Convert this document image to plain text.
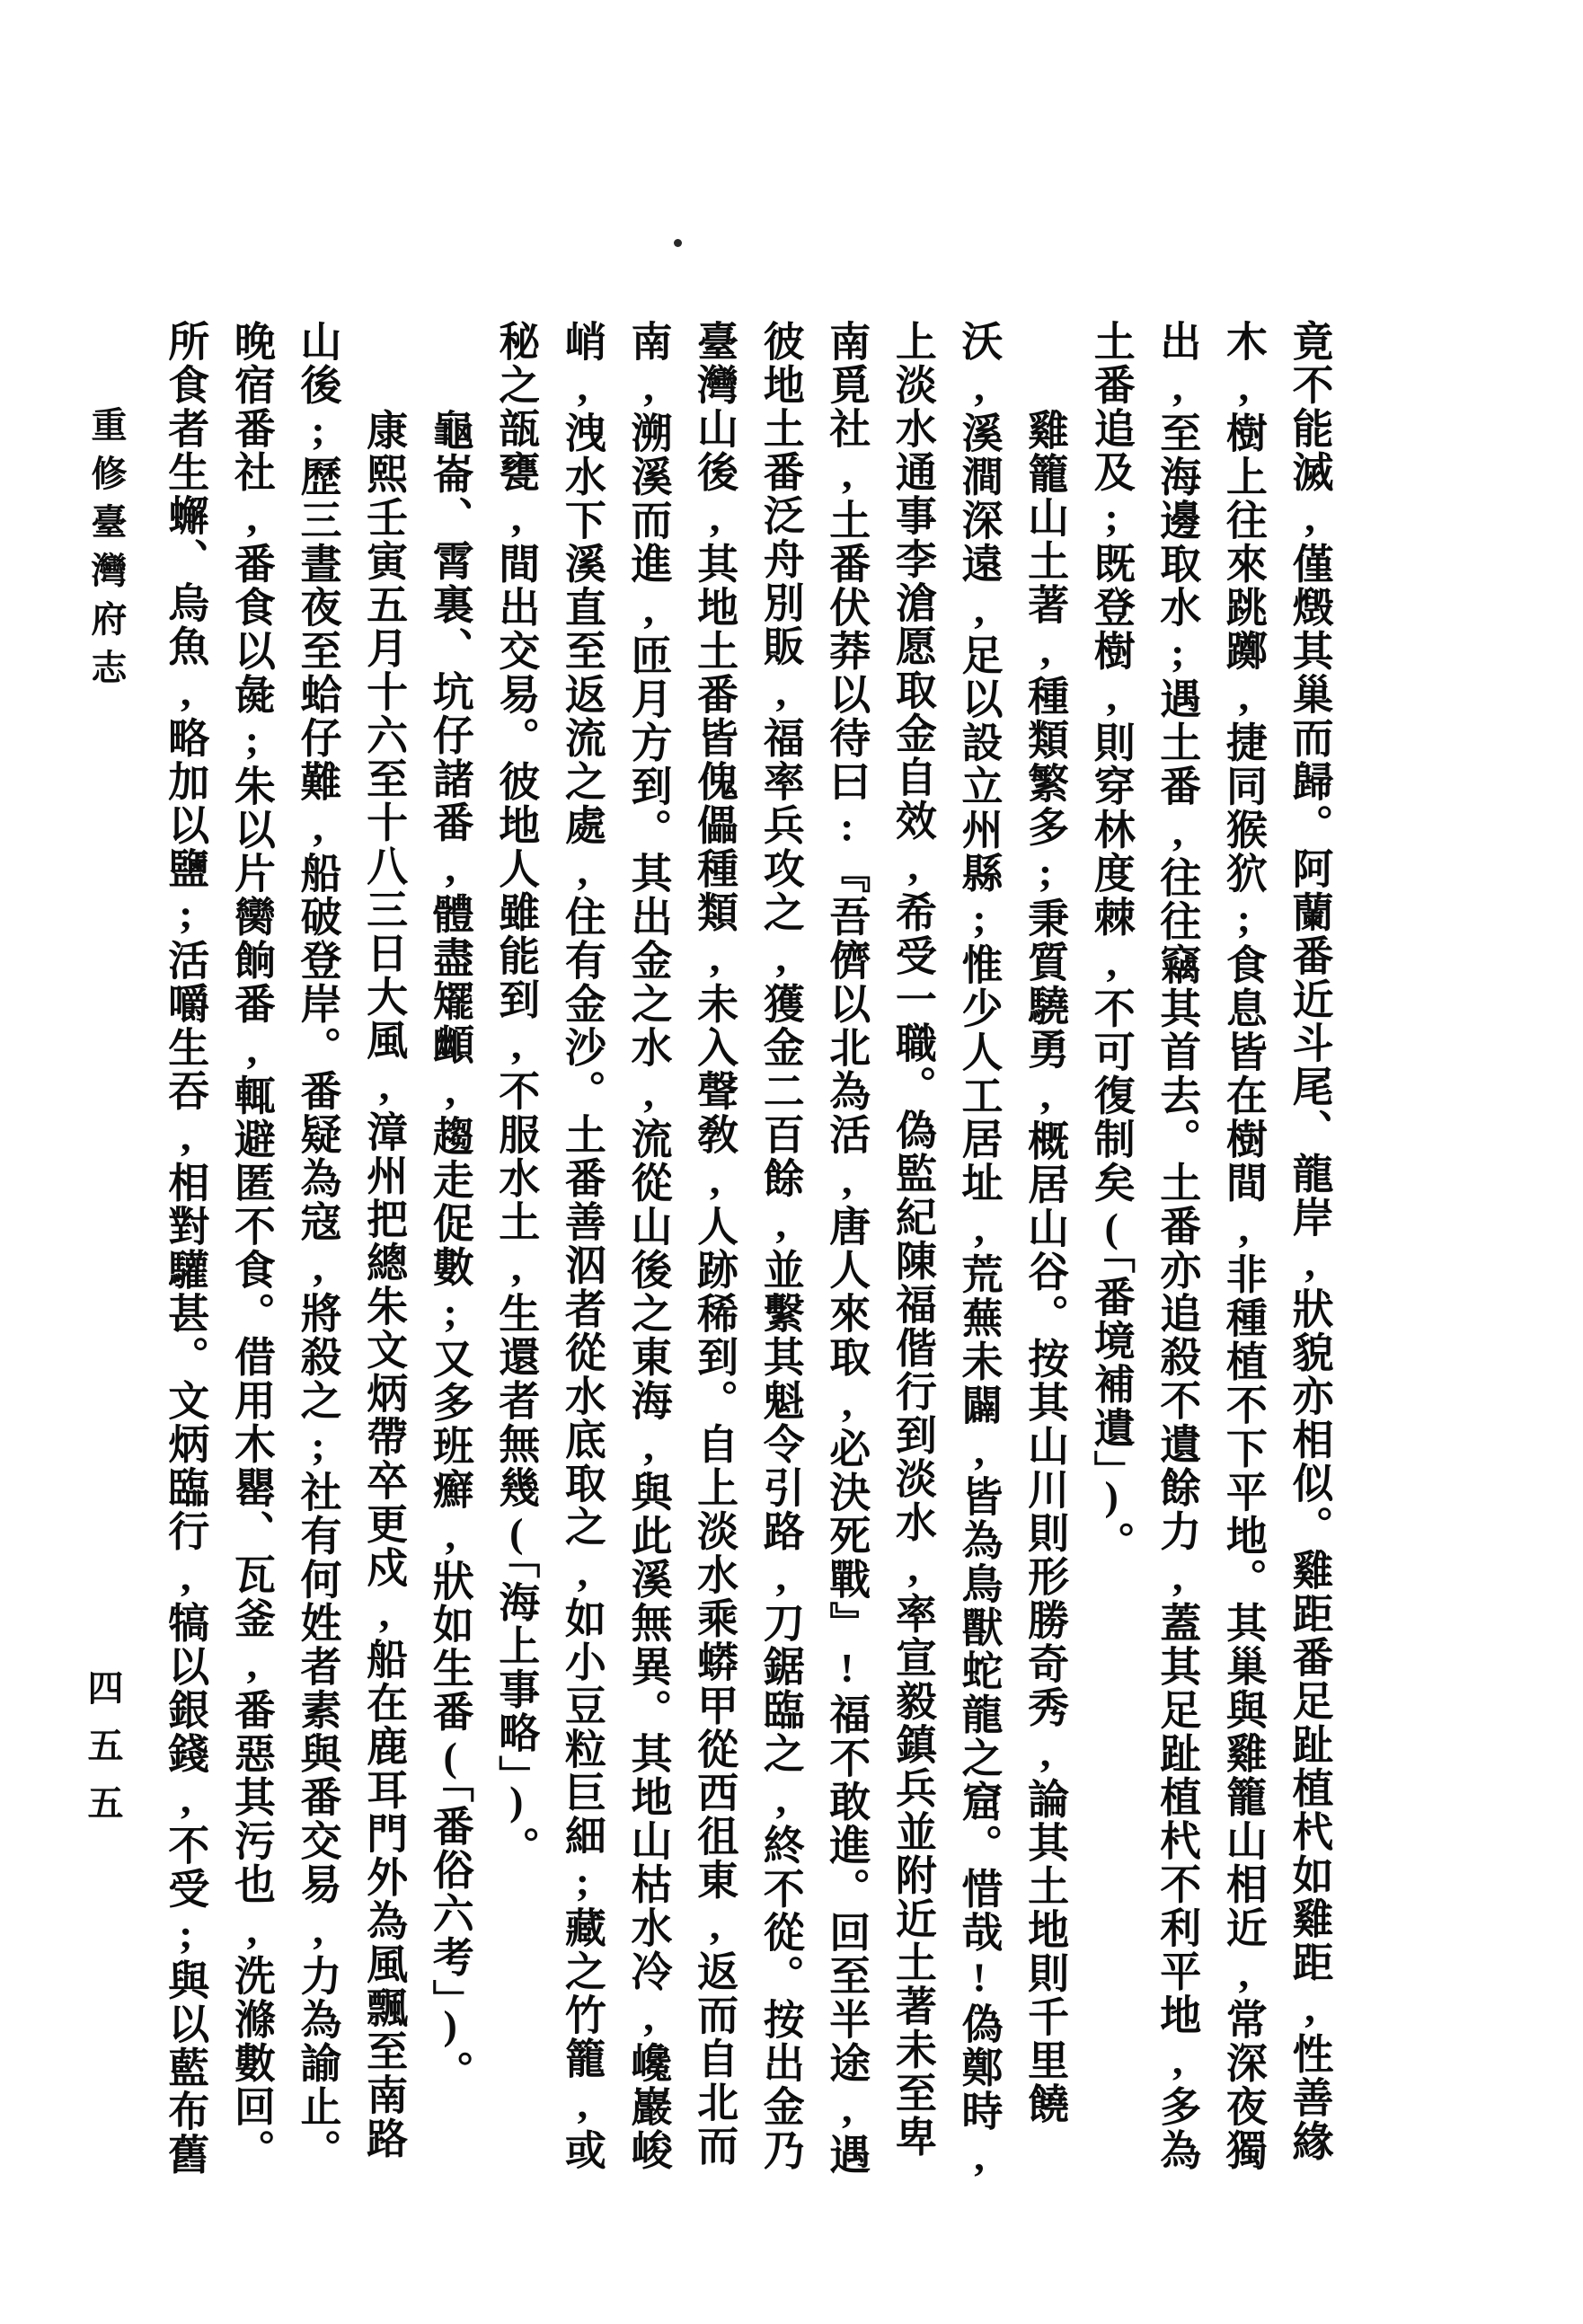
重修臺灣府志
四五五	竟不能滅,僅燬其巢而歸。阿蘭番近斗尾、龍岸,狀貌亦相似。雞距番足趾植杙如雞距,性善緣
木,樹上往來跳躑,捷同猴狖;食息皆在樹間,非種植不下平地。其巢與雞籠山相近,常深夜獨
出,至海邊取水;遇土番,往往竊其首去。土番亦追殺不遺餘力,蓋其足趾植杙不利平地,多為
土番追及;既登樹,則穿林度棘,不可復制矣(「番境補遺」)。
雞籠山土著,種類繁多;秉質驍勇,概居山谷。按其山川則形勝奇秀,論其土地則千里饒
沃,溪澗深遠,足以設立州縣;惟少人工居址,荒蕪未闢,皆為鳥獸蛇龍之窟。惜哉!偽鄭時,
上淡水通事李滄愿取金自效,希受一職。偽監紀陳福偕行到淡水,率宣毅鎮兵並附近土著未至卑
南覓社,土番伏莽以待曰:『吾儕以北為活,唐人來取,必決死戰』!福不敢進。回至半途,遇
彼地土番泛舟別販,福率兵攻之,獲金二百餘,並繫其魁令引路,刀鋸臨之,終不從。按出金乃
臺灣山後,其地土番皆傀儡種類,未入聲敎,人跡稀到。自上淡水乘蟒甲從西徂東,返而自北而
南,溯溪而進,匝月方到。其出金之水,流從山後之東海,與此溪無異。其地山枯水冷,巉巖峻
峭,洩水下溪直至返流之處,住有金沙。土番善泅者從水底取之,如小豆粒巨細;藏之竹籠,或
秘之瓿甕,間出交易。彼地人雖能到,不服水土,生還者無幾(「海上事略」)。
龜崙、霄裏、坑仔諸番,體盡矲䫜,趨走促數;又多班癬,狀如生番(「番俗六考」)。
康熙壬寅五月十六至十八三日大風,漳州把總朱文炳帶卒更戍,船在鹿耳門外為風飄至南路
山後;歷三晝夜至蛤仔難,船破登岸。番疑為寇,將殺之;社有何姓者素與番交易,力為諭止。
晚宿番社,番食以彘;朱以片臠餉番,輒避匿不食。借用木罌、瓦釜,番惡其污也,洗滌數回。
所食者生蠏、烏魚,略加以鹽;活嚼生吞,相對驩甚。文炳臨行,犒以銀錢,不受;與以藍布舊
